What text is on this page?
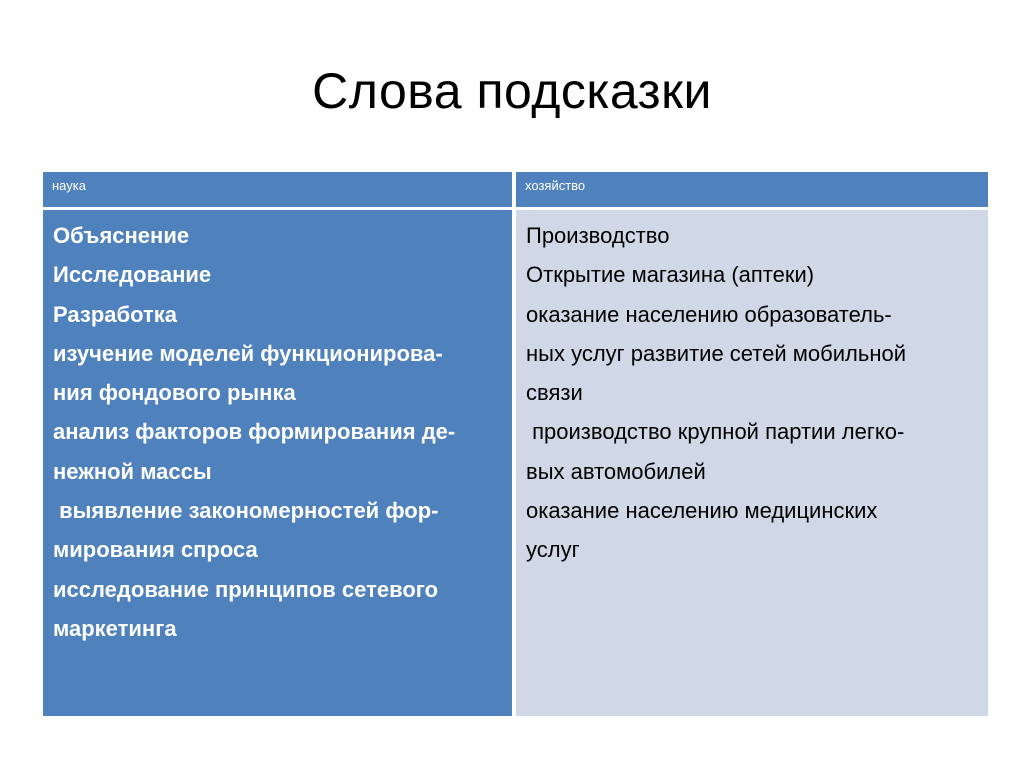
Слова подсказки
наука	хозяйство
Объяснение
Исследование
Разработка
изучение моделей функционирова-
ния фондового рынка
анализ факторов формирования де-
нежной массы
выявление закономерностей фор-
мирования спроса
исследование принципов сетевого
маркетинга
Производство
Открытие магазина (аптеки)
оказание населению образователь-
ных услуг развитие сетей мобильной
связи
производство крупной партии легко-
вых автомобилей
оказание населению медицинских
услуг
